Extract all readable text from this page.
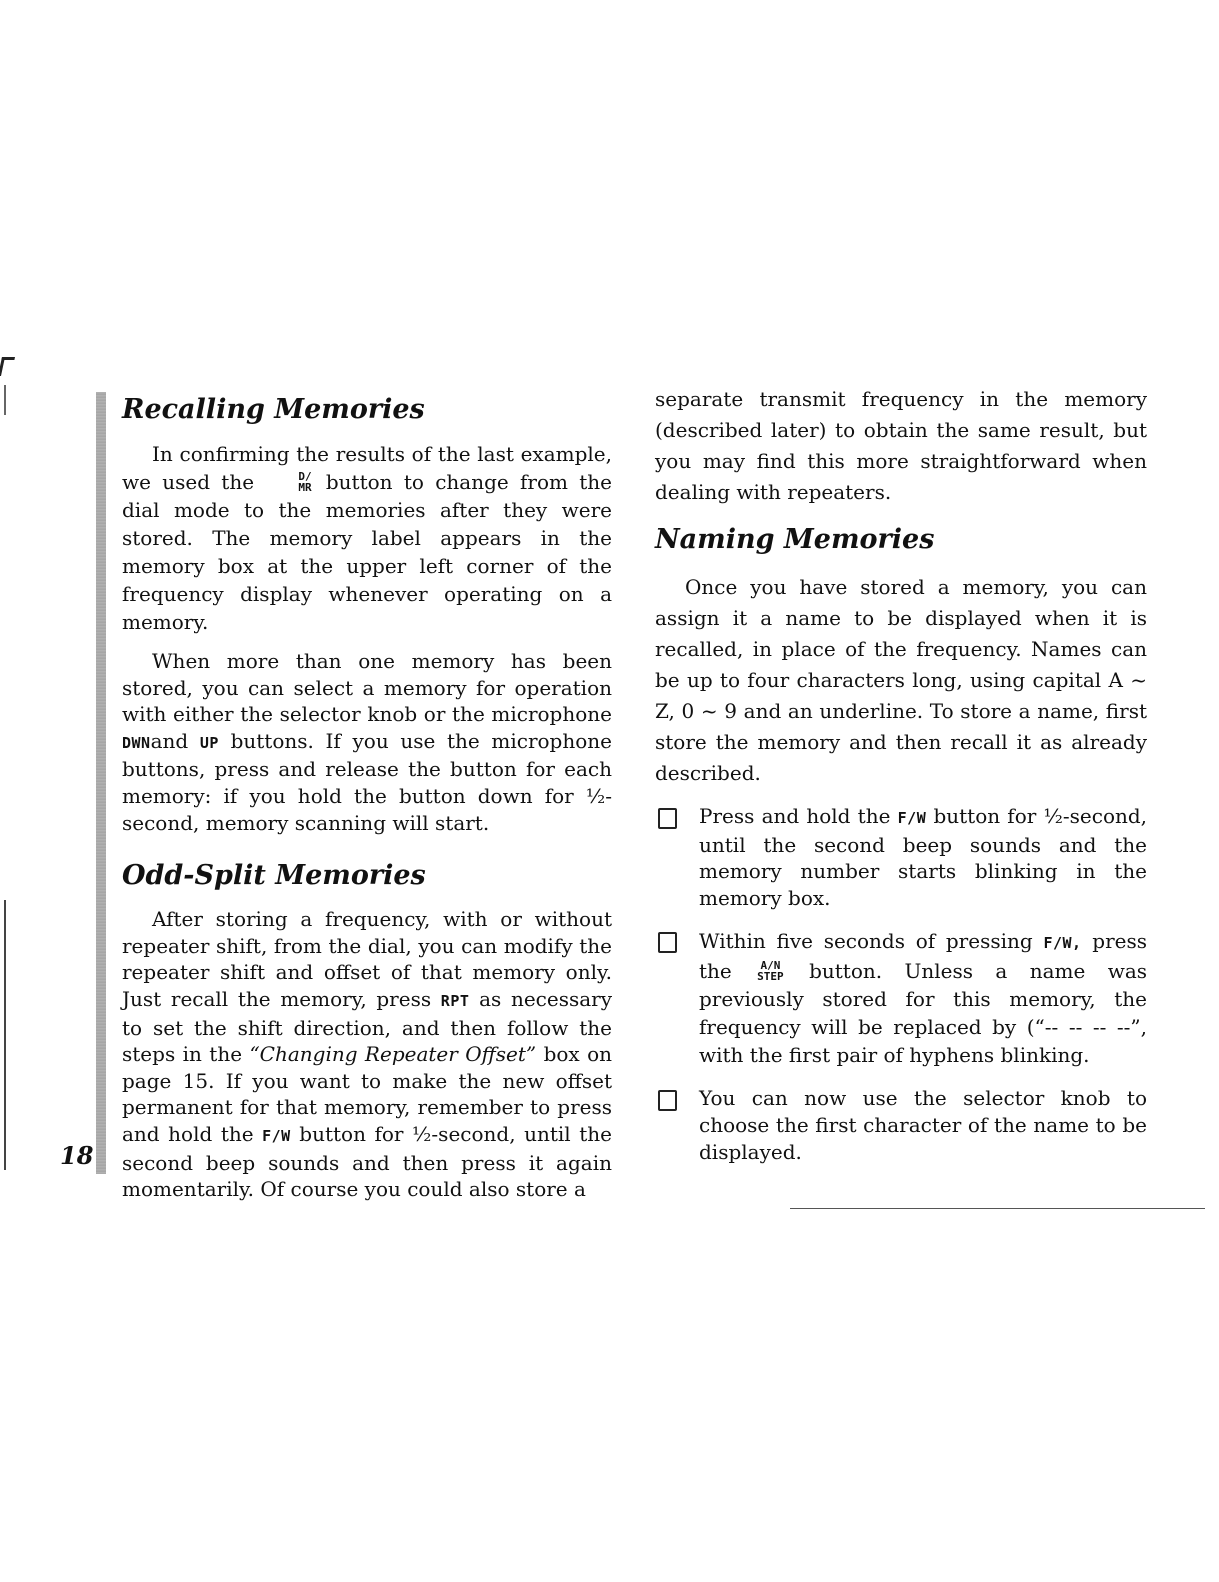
18
Recalling Memories

In confirming the results of the last example, we used the	D/
MR button to change from the dial mode to the memories after they were stored. The memory label appears in the memory box at the upper left corner of the frequency display whenever operating on a memory.

When more than one memory has been stored, you can select a memory for operation with either the selector knob or the microphone DWNand UP buttons. If you use the microphone buttons, press and release the button for each memory: if you hold the button down for ½-second, memory scanning will start.

Odd-Split Memories

After storing a frequency, with or without repeater shift, from the dial, you can modify the repeater shift and offset of that memory only. Just recall the memory, press RPT as necessary to set the shift direction, and then follow the steps in the “Changing Repeater Offset” box on page 15. If you want to make the new offset permanent for that memory, remember to press and hold the F/W button for ½-second, until the second beep sounds and then press it again momentarily. Of course you could also store a

separate transmit frequency in the memory (described later) to obtain the same result, but you may find this more straightforward when dealing with repeaters.

Naming Memories

Once you have stored a memory, you can assign it a name to be displayed when it is recalled, in place of the frequency. Names can be up to four characters long, using capital A ~ Z, 0 ~ 9 and an underline. To store a name, first store the memory and then recall it as already described.

Press and hold the F/W button for ½-second, until the second beep sounds and the memory number starts blinking in the memory box.

Within five seconds of pressing F/W, press the	A/N
STEP button. Unless a name was previously stored for this memory, the frequency will be replaced by (“-- -- -- --”, with the first pair of hyphens blinking.

You can now use the selector knob to choose the first character of the name to be displayed.
